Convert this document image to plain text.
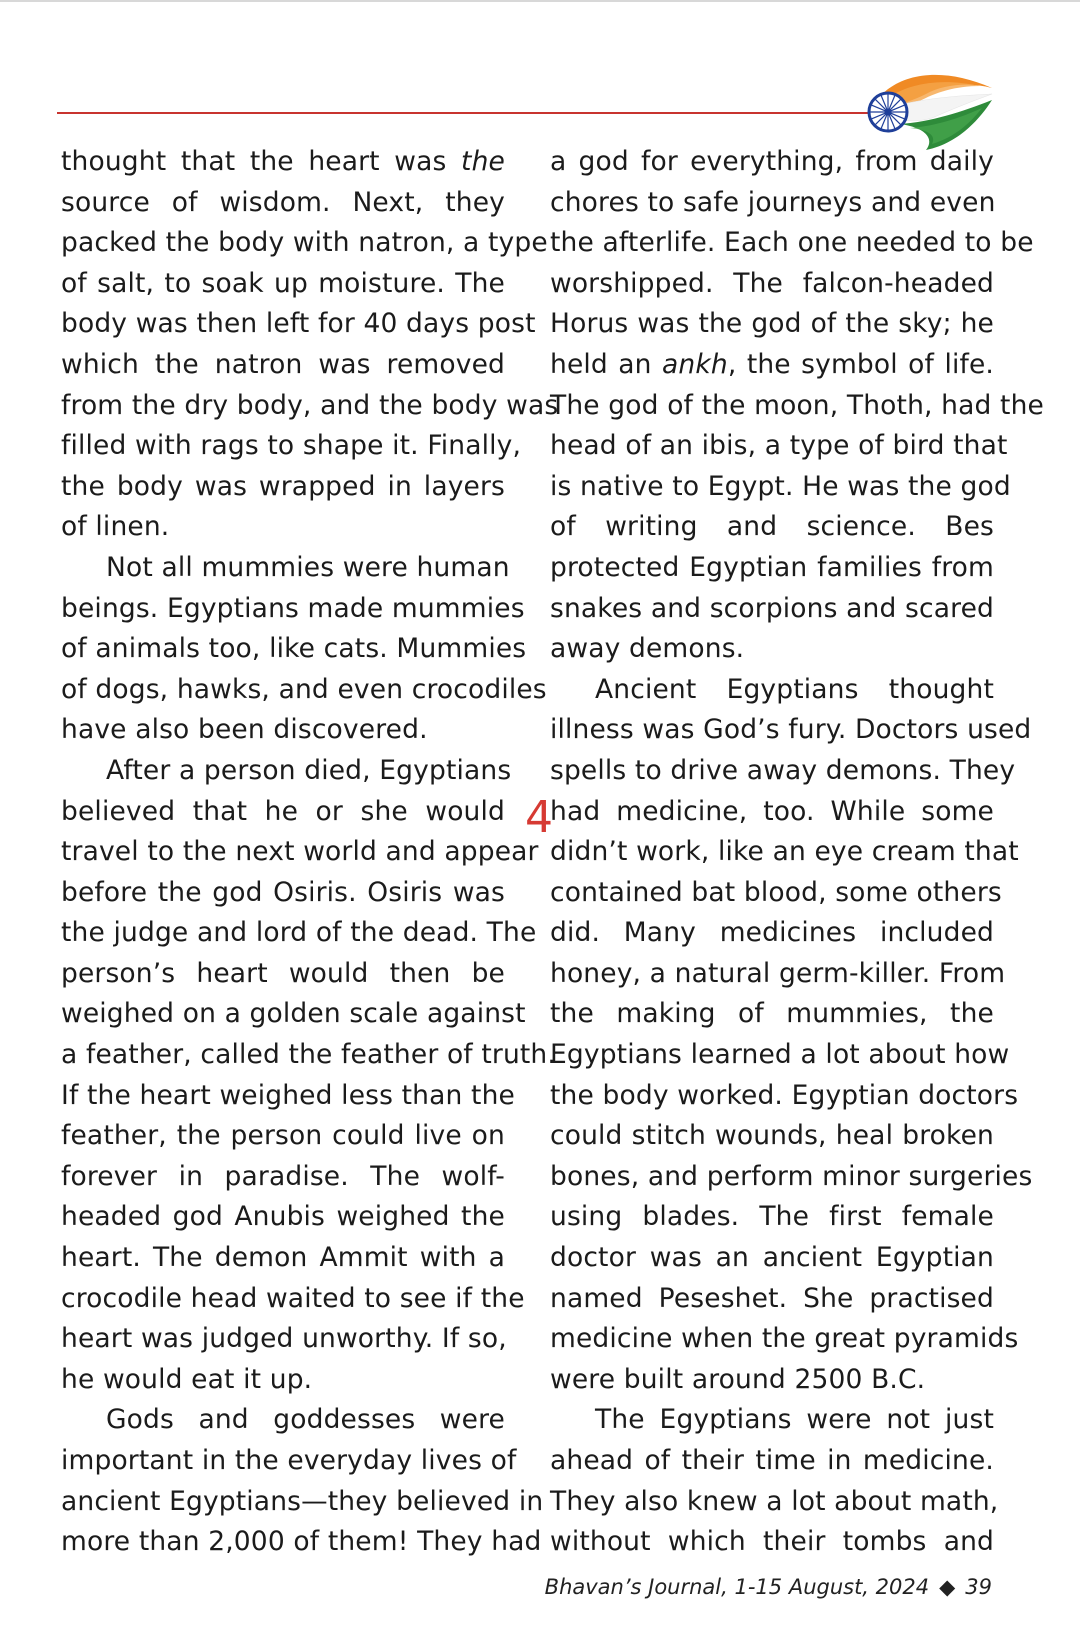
thought that the heart was the
source of wisdom. Next, they
packed the body with natron, a type
of salt, to soak up moisture. The
body was then left for 40 days post
which the natron was removed
from the dry body, and the body was
filled with rags to shape it. Finally,
the body was wrapped in layers
of linen.
Not all mummies were human
beings. Egyptians made mummies
of animals too, like cats. Mummies
of dogs, hawks, and even crocodiles
have also been discovered.
After a person died, Egyptians
believed that he or she would
travel to the next world and appear
before the god Osiris. Osiris was
the judge and lord of the dead. The
person’s heart would then be
weighed on a golden scale against
a feather, called the feather of truth.
If the heart weighed less than the
feather, the person could live on
forever in paradise. The wolf-
headed god Anubis weighed the
heart. The demon Ammit with a
crocodile head waited to see if the
heart was judged unworthy. If so,
he would eat it up.
Gods and goddesses were
important in the everyday lives of
ancient Egyptians—they believed in
more than 2,000 of them! They had
a god for everything, from daily
chores to safe journeys and even
the afterlife. Each one needed to be
worshipped. The falcon-headed
Horus was the god of the sky; he
held an ankh, the symbol of life.
The god of the moon, Thoth, had the
head of an ibis, a type of bird that
is native to Egypt. He was the god
of writing and science. Bes
protected Egyptian families from
snakes and scorpions and scared
away demons.
Ancient Egyptians thought
illness was God’s fury. Doctors used
spells to drive away demons. They
had medicine, too. While some
didn’t work, like an eye cream that
contained bat blood, some others
did. Many medicines included
honey, a natural germ-killer. From
the making of mummies, the
Egyptians learned a lot about how
the body worked. Egyptian doctors
could stitch wounds, heal broken
bones, and perform minor surgeries
using blades. The first female
doctor was an ancient Egyptian
named Peseshet. She practised
medicine when the great pyramids
were built around 2500 B.C.
The Egyptians were not just
ahead of their time in medicine.
They also knew a lot about math,
without which their tombs and
4
Bhavan’s Journal, 1-15 August, 2024 ◆ 39
